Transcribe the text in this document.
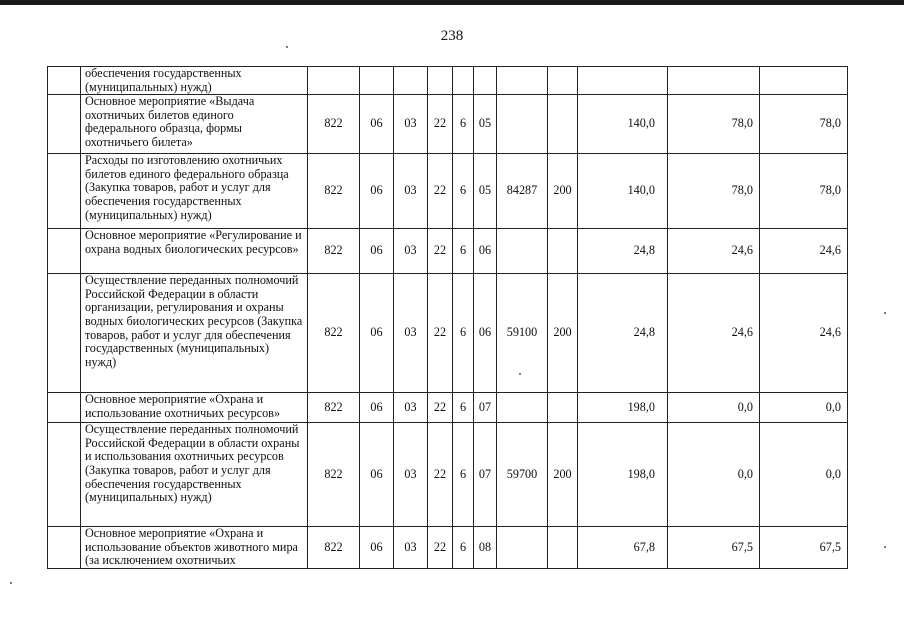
238
	обеспечения государственных (муниципальных) нужд)											
	Основное мероприятие «Выдача охотничьих билетов единого федерального образца, формы охотничьего билета»	822	06	03	22	6	05			140,0	78,0	78,0
	Расходы по изготовлению охотничьих билетов единого федерального образца (Закупка товаров, работ и услуг для обеспечения государственных (муниципальных) нужд)	822	06	03	22	6	05	84287	200	140,0	78,0	78,0
	Основное мероприятие «Регулирование и охрана водных биологических ресурсов»	822	06	03	22	6	06			24,8	24,6	24,6
	Осуществление переданных полномочий Российской Федерации в области организации, регулирования и охраны водных биологических ресурсов (Закупка товаров, работ и услуг для обеспечения государственных (муниципальных) нужд)	822	06	03	22	6	06	59100	200	24,8	24,6	24,6
	Основное мероприятие «Охрана и использование охотничьих ресурсов»	822	06	03	22	6	07			198,0	0,0	0,0
	Осуществление переданных полномочий Российской Федерации в области охраны и использования охотничьих ресурсов (Закупка товаров, работ и услуг для обеспечения государственных (муниципальных) нужд)	822	06	03	22	6	07	59700	200	198,0	0,0	0,0
	Основное мероприятие «Охрана и использование объектов животного мира (за исключением охотничьих	822	06	03	22	6	08			67,8	67,5	67,5
